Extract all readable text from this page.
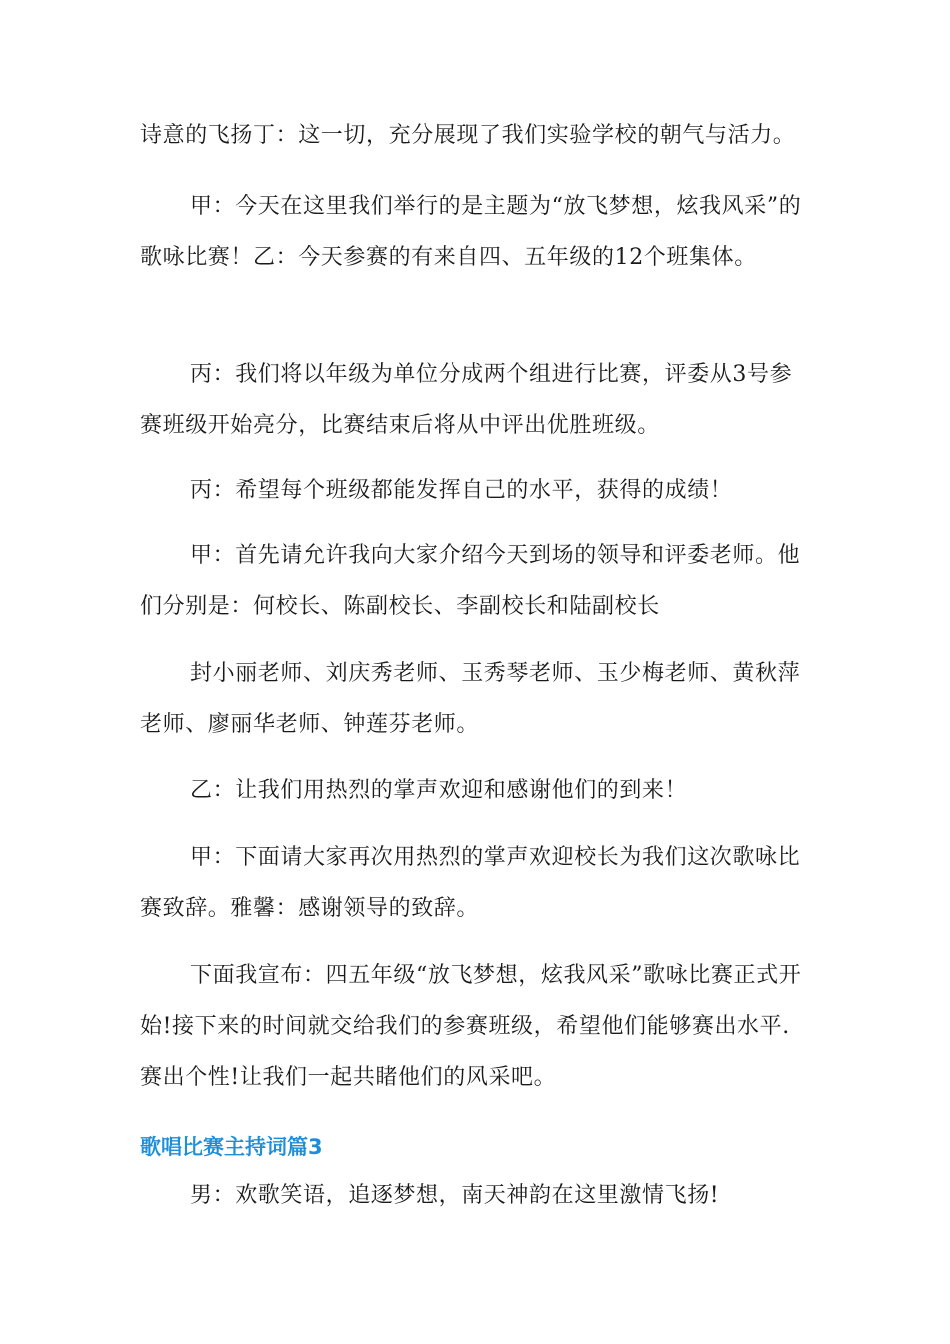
诗意的飞扬丁：这一切，充分展现了我们实验学校的朝气与活力。

甲：今天在这里我们举行的是主题为“放飞梦想，炫我风采”的歌咏比赛！乙：今天参赛的有来自四、五年级的12个班集体。

丙：我们将以年级为单位分成两个组进行比赛，评委从3号参赛班级开始亮分，比赛结束后将从中评出优胜班级。

丙：希望每个班级都能发挥自己的水平，获得的成绩！

甲：首先请允许我向大家介绍今天到场的领导和评委老师。他们分别是：何校长、陈副校长、李副校长和陆副校长

封小丽老师、刘庆秀老师、玉秀琴老师、玉少梅老师、黄秋萍老师、廖丽华老师、钟莲芬老师。

乙：让我们用热烈的掌声欢迎和感谢他们的到来！

甲：下面请大家再次用热烈的掌声欢迎校长为我们这次歌咏比赛致辞。雅馨：感谢领导的致辞。

下面我宣布：四五年级“放飞梦想，炫我风采”歌咏比赛正式开始!接下来的时间就交给我们的参赛班级，希望他们能够赛出水平.赛出个性!让我们一起共睹他们的风采吧。

歌唱比赛主持词篇3

男：欢歌笑语，追逐梦想，南天神韵在这里激情飞扬!
